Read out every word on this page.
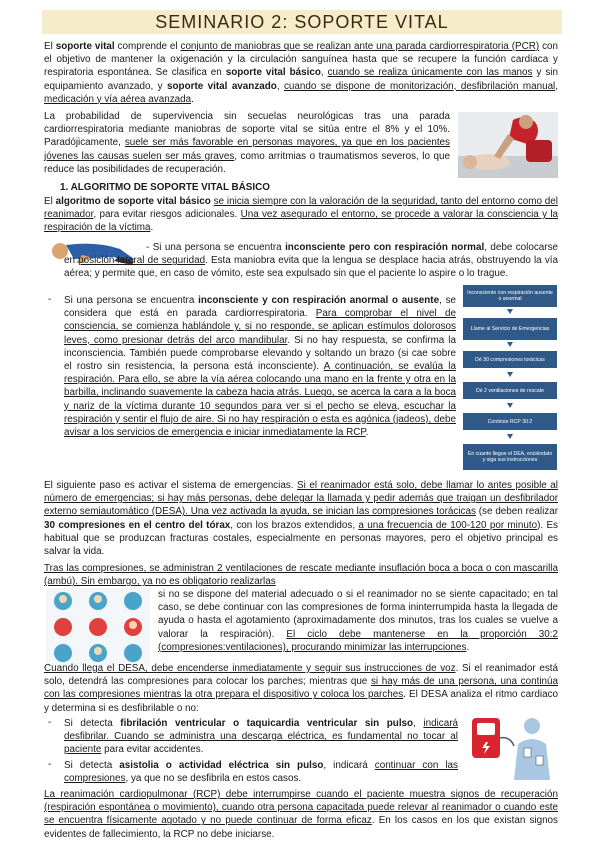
SEMINARIO 2: SOPORTE VITAL
El soporte vital comprende el conjunto de maniobras que se realizan ante una parada cardiorrespiratoria (PCR) con el objetivo de mantener la oxigenación y la circulación sanguínea hasta que se recupere la función cardiaca y respiratoria espontánea. Se clasifica en soporte vital básico, cuando se realiza únicamente con las manos y sin equipamiento avanzado, y soporte vital avanzado, cuando se dispone de monitorización, desfibrilación manual, medicación y vía aérea avanzada.
La probabilidad de supervivencia sin secuelas neurológicas tras una parada cardiorrespiratoria mediante maniobras de soporte vital se sitúa entre el 8% y el 10%. Paradójicamente, suele ser más favorable en personas mayores, ya que en los pacientes jóvenes las causas suelen ser más graves, como arritmias o traumatismos severos, lo que reduce las posibilidades de recuperación.
1. ALGORITMO DE SOPORTE VITAL BÁSICO
El algoritmo de soporte vital básico se inicia siempre con la valoración de la seguridad, tanto del entorno como del reanimador, para evitar riesgos adicionales. Una vez asegurado el entorno, se procede a valorar la consciencia y la respiración de la víctima.
- Si una persona se encuentra inconsciente pero con respiración normal, debe colocarse en posición lateral de seguridad. Esta maniobra evita que la lengua se desplace hacia atrás, obstruyendo la vía aérea; y permite que, en caso de vómito, este sea expulsado sin que el paciente lo aspire o lo trague.
- Si una persona se encuentra inconsciente y con respiración anormal o ausente, se considera que está en parada cardiorrespiratoria. Para comprobar el nivel de consciencia, se comienza hablándole y, si no responde, se aplican estímulos dolorosos leves, como presionar detrás del arco mandibular. Si no hay respuesta, se confirma la inconsciencia. También puede comprobarse elevando y soltando un brazo (si cae sobre el rostro sin resistencia, la persona está inconsciente). A continuación, se evalúa la respiración. Para ello, se abre la vía aérea colocando una mano en la frente y otra en la barbilla, inclinando suavemente la cabeza hacia atrás. Luego, se acerca la cara a la boca y nariz de la víctima durante 10 segundos para ver si el pecho se eleva, escuchar la respiración y sentir el flujo de aire. Si no hay respiración o esta es agónica (jadeos), debe avisar a los servicios de emergencia e iniciar inmediatamente la RCP.
Inconsciente con respiración ausente o anormal
Llame al Servicio de Emergencias
Dé 30 compresiones torácicas
Dé 2 ventilaciones de rescate
Continúe RCP 30:2
En cuanto llegue el DEA, enciéndalo y siga sus instrucciones
El siguiente paso es activar el sistema de emergencias. Si el reanimador está solo, debe llamar lo antes posible al número de emergencias; si hay más personas, debe delegar la llamada y pedir además que traigan un desfibrilador externo semiautomático (DESA). Una vez activada la ayuda, se inician las compresiones torácicas (se deben realizar 30 compresiones en el centro del tórax, con los brazos extendidos, a una frecuencia de 100-120 por minuto). Es habitual que se produzcan fracturas costales, especialmente en personas mayores, pero el objetivo principal es salvar la vida.
Tras las compresiones, se administran 2 ventilaciones de rescate mediante insuflación boca a boca o con mascarilla (ambú). Sin embargo, ya no es obligatorio realizarlas
si no se dispone del material adecuado o si el reanimador no se siente capacitado; en tal caso, se debe continuar con las compresiones de forma ininterrumpida hasta la llegada de ayuda o hasta el agotamiento (aproximadamente dos minutos, tras los cuales se vuelve a valorar la respiración). El ciclo debe mantenerse en la proporción 30:2 (compresiones:ventilaciones), procurando minimizar las interrupciones.
Cuando llega el DESA, debe encenderse inmediatamente y seguir sus instrucciones de voz. Si el reanimador está solo, detendrá las compresiones para colocar los parches; mientras que si hay más de una persona, una continúa con las compresiones mientras la otra prepara el dispositivo y coloca los parches. El DESA analiza el ritmo cardiaco y determina si es desfibrilable o no:
- Si detecta fibrilación ventricular o taquicardia ventricular sin pulso, indicará desfibrilar. Cuando se administra una descarga eléctrica, es fundamental no tocar al paciente para evitar accidentes.
- Si detecta asistolia o actividad eléctrica sin pulso, indicará continuar con las compresiones, ya que no se desfibrila en estos casos.
La reanimación cardiopulmonar (RCP) debe interrumpirse cuando el paciente muestra signos de recuperación (respiración espontánea o movimiento), cuando otra persona capacitada puede relevar al reanimador o cuando este se encuentra físicamente agotado y no puede continuar de forma eficaz. En los casos en los que existan signos evidentes de fallecimiento, la RCP no debe iniciarse.
